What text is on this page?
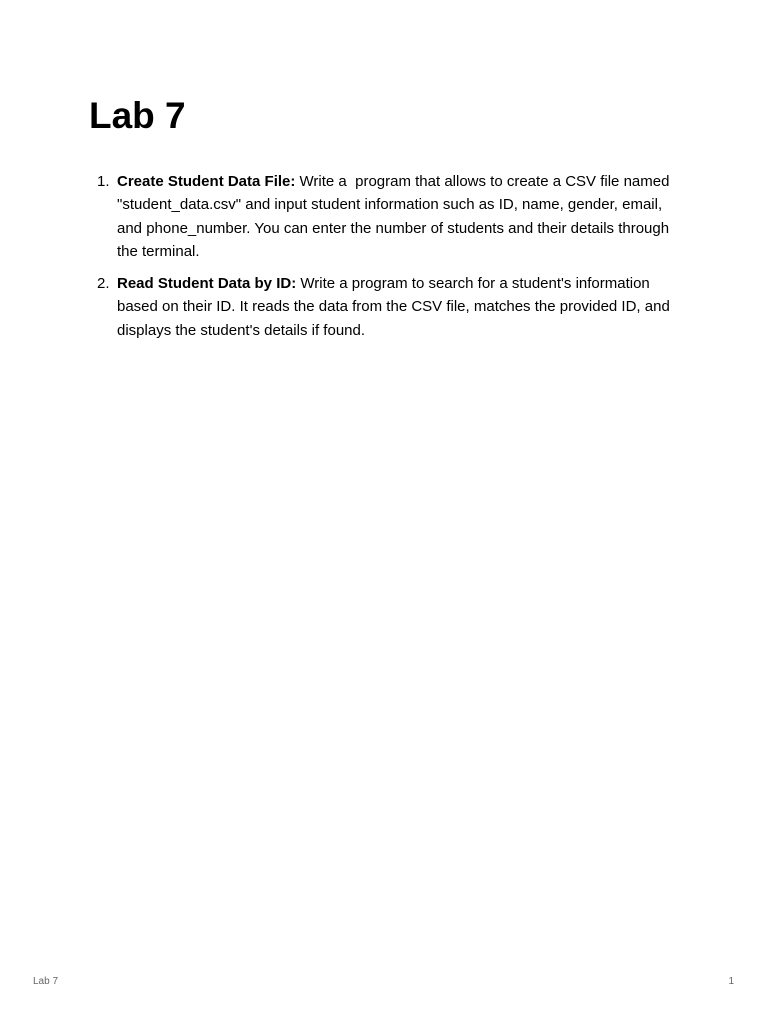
Lab 7
1. Create Student Data File: Write a  program that allows to create a CSV file named "student_data.csv" and input student information such as ID, name, gender, email, and phone_number. You can enter the number of students and their details through the terminal.
2. Read Student Data by ID: Write a program to search for a student's information based on their ID. It reads the data from the CSV file, matches the provided ID, and displays the student's details if found.
Lab 7	1
